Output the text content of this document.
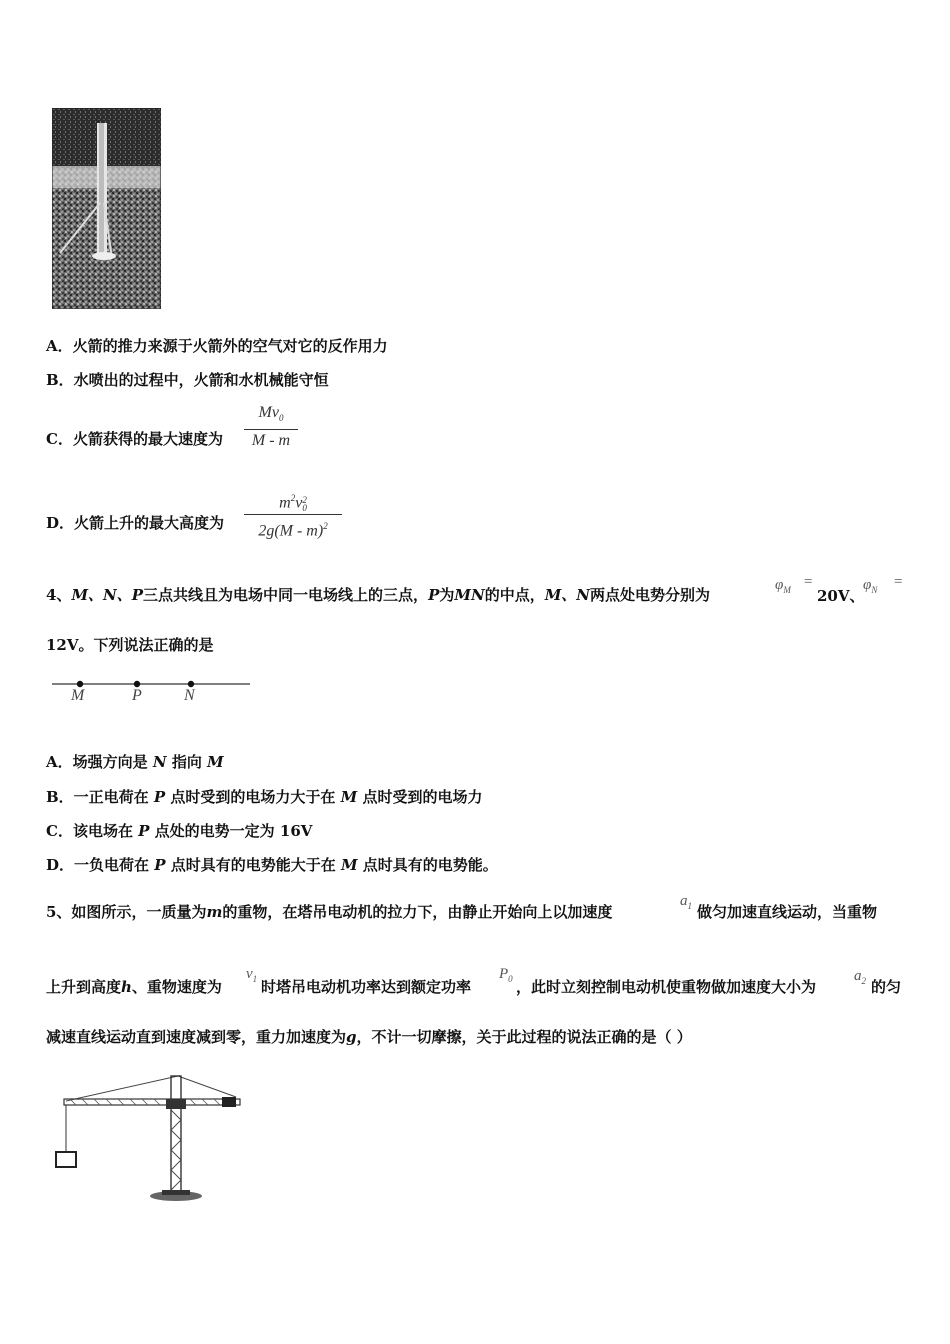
A．火箭的推力来源于火箭外的空气对它的反作用力
B．水喷出的过程中，火箭和水机械能守恒
C．火箭获得的最大速度为
$Mv_0$
M - m
D．火箭上升的最大高度为
$m^2v$ 2
0
2g(M - m)$^2$
4、M、N、P三点共线且为电场中同一电场线上的三点，P为MN的中点，M、N两点处电势分别为
$\varphi_M$ =
20V、
$\varphi_N$ =
12V。下列说法正确的是
M	P	N
A．场强方向是 N 指向 M
B．一正电荷在 P 点时受到的电场力大于在 M 点时受到的电场力
C．该电场在 P 点处的电势一定为 16V
D．一负电荷在 P 点时具有的电势能大于在 M 点时具有的电势能。
5、如图所示，一质量为m的重物，在塔吊电动机的拉力下，由静止开始向上以加速度
$a_1$ 做匀加速直线运动，当重物
上升到高度h、重物速度为
$v_1$ 时塔吊电动机功率达到额定功率
$P_0$ ，此时立刻控制电动机使重物做加速度大小为
$a_2$ 的匀
减速直线运动直到速度减到零，重力加速度为g，不计一切摩擦，关于此过程的说法正确的是（ ）
